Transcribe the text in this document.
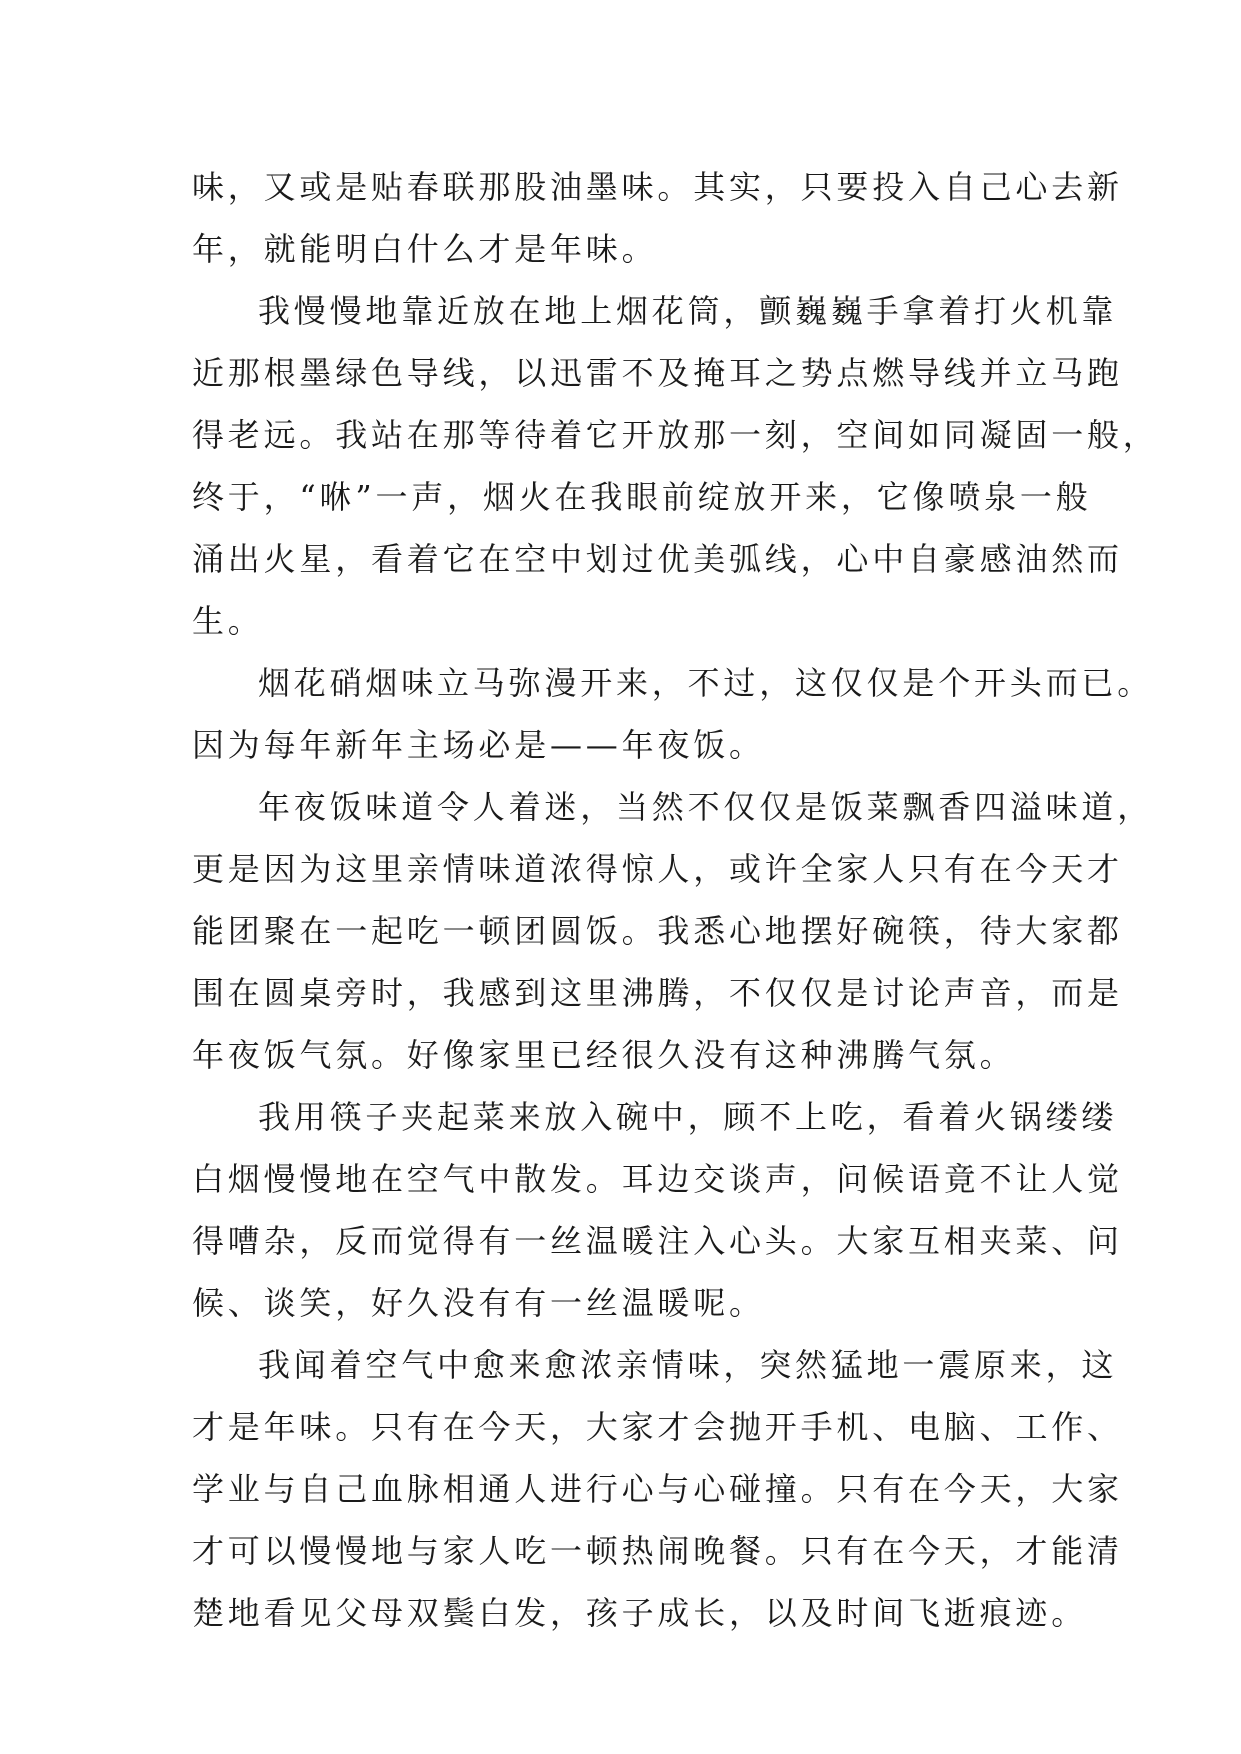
味，又或是贴春联那股油墨味。其实，只要投入自己心去新
年，就能明白什么才是年味。
我慢慢地靠近放在地上烟花筒，颤巍巍手拿着打火机靠
近那根墨绿色导线，以迅雷不及掩耳之势点燃导线并立马跑
得老远。我站在那等待着它开放那一刻，空间如同凝固一般，
终于，“咻”一声，烟火在我眼前绽放开来，它像喷泉一般
涌出火星，看着它在空中划过优美弧线，心中自豪感油然而
生。
烟花硝烟味立马弥漫开来，不过，这仅仅是个开头而已。
因为每年新年主场必是——年夜饭。
年夜饭味道令人着迷，当然不仅仅是饭菜飘香四溢味道，
更是因为这里亲情味道浓得惊人，或许全家人只有在今天才
能团聚在一起吃一顿团圆饭。我悉心地摆好碗筷，待大家都
围在圆桌旁时，我感到这里沸腾，不仅仅是讨论声音，而是
年夜饭气氛。好像家里已经很久没有这种沸腾气氛。
我用筷子夹起菜来放入碗中，顾不上吃，看着火锅缕缕
白烟慢慢地在空气中散发。耳边交谈声，问候语竟不让人觉
得嘈杂，反而觉得有一丝温暖注入心头。大家互相夹菜、问
候、谈笑，好久没有有一丝温暖呢。
我闻着空气中愈来愈浓亲情味，突然猛地一震原来，这
才是年味。只有在今天，大家才会抛开手机、电脑、工作、
学业与自己血脉相通人进行心与心碰撞。只有在今天，大家
才可以慢慢地与家人吃一顿热闹晚餐。只有在今天，才能清
楚地看见父母双鬓白发，孩子成长，以及时间飞逝痕迹。
